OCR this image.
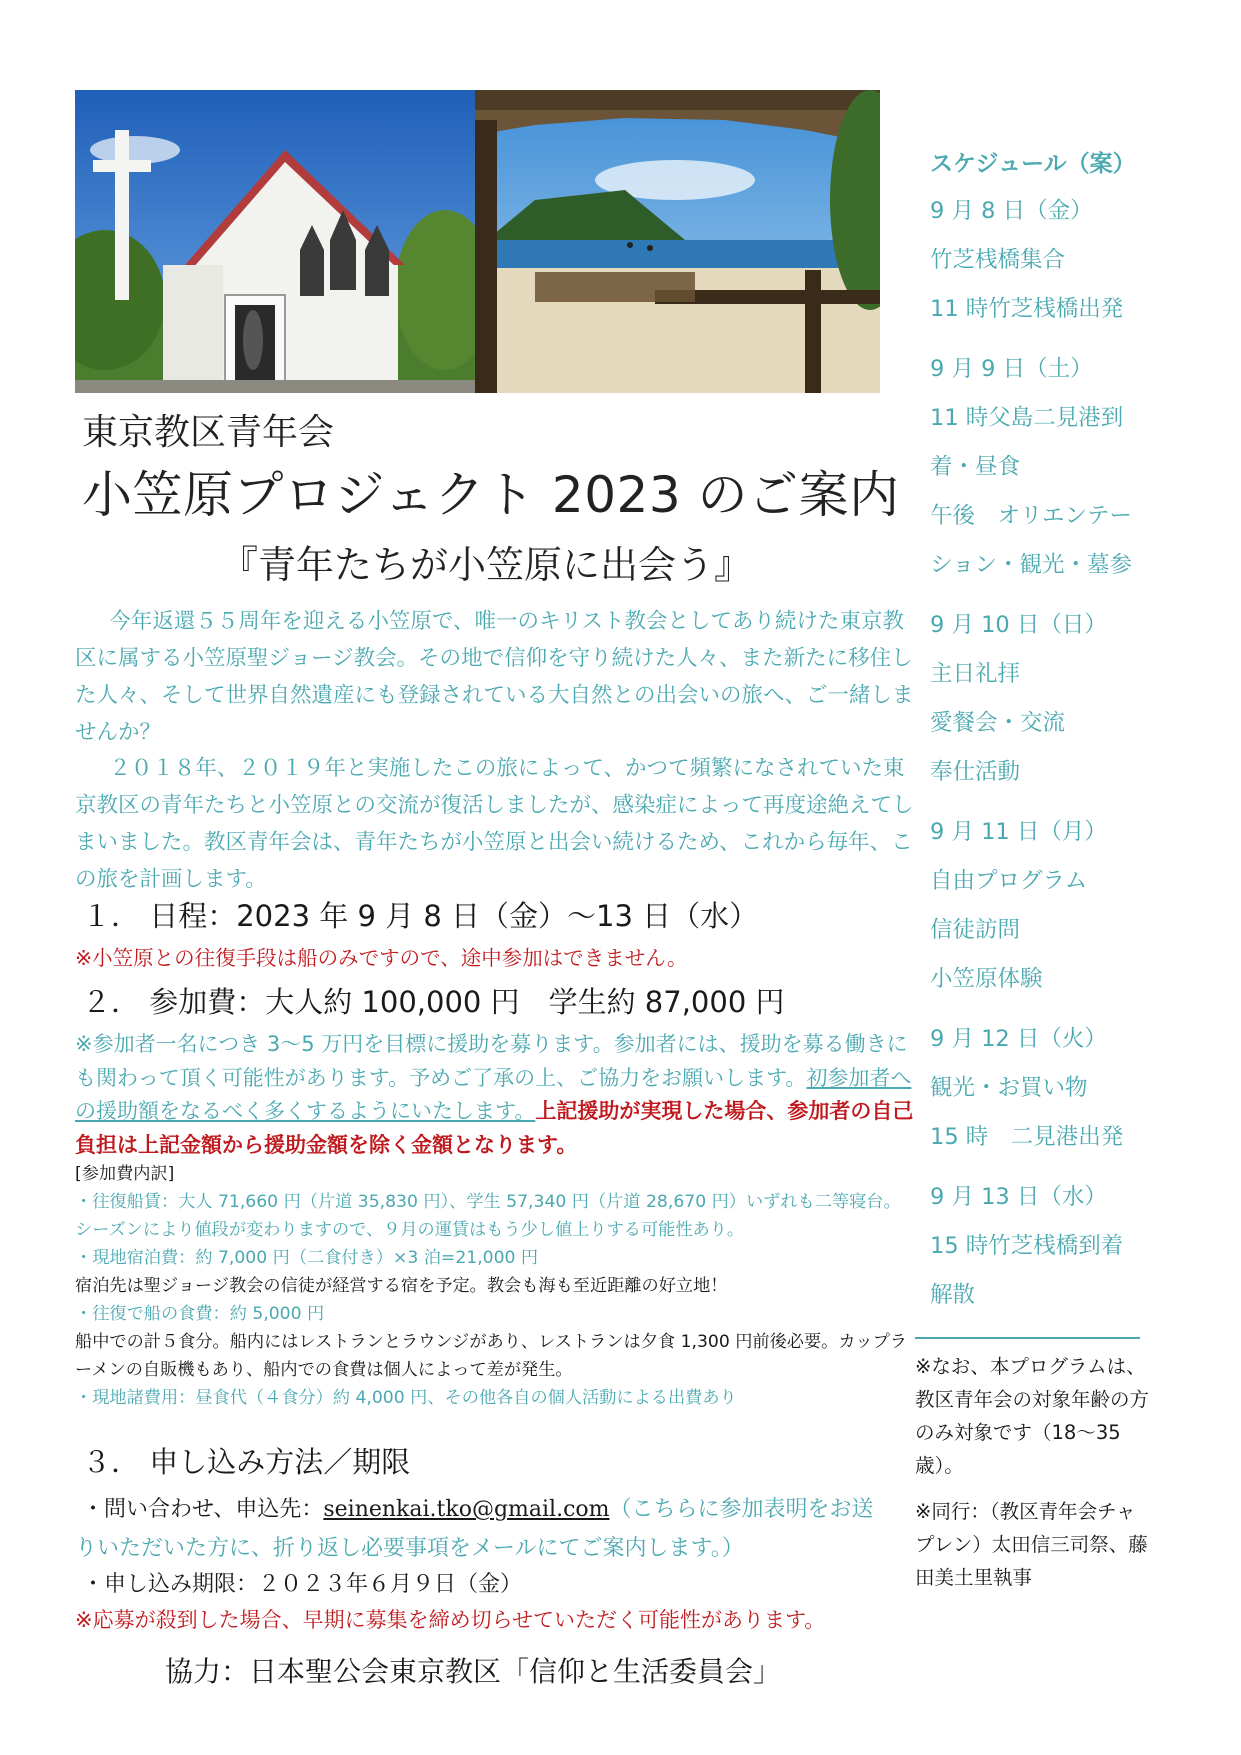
東京教区青年会
小笠原プロジェクト 2023 のご案内
『青年たちが小笠原に出会う』
今年返還５５周年を迎える小笠原で、唯一のキリスト教会としてあり続けた東京教区に属する小笠原聖ジョージ教会。その地で信仰を守り続けた人々、また新たに移住した人々、そして世界自然遺産にも登録されている大自然との出会いの旅へ、ご一緒しませんか？
２０１８年、２０１９年と実施したこの旅によって、かつて頻繁になされていた東京教区の青年たちと小笠原との交流が復活しましたが、感染症によって再度途絶えてしまいました。教区青年会は、青年たちが小笠原と出会い続けるため、これから毎年、この旅を計画します。
１． 日程：2023 年 9 月 8 日（金）～13 日（水）
※小笠原との往復手段は船のみですので、途中参加はできません。
２． 参加費：大人約 100,000 円　学生約 87,000 円
※参加者一名につき 3～5 万円を目標に援助を募ります。参加者には、援助を募る働きにも関わって頂く可能性があります。予めご了承の上、ご協力をお願いします。初参加者への援助額をなるべく多くするようにいたします。上記援助が実現した場合、参加者の自己負担は上記金額から援助金額を除く金額となります。
[参加費内訳]
・往復船賃：大人 71,660 円（片道 35,830 円）、学生 57,340 円（片道 28,670 円）いずれも二等寝台。シーズンにより値段が変わりますので、９月の運賃はもう少し値上りする可能性あり。
・現地宿泊費：約 7,000 円（二食付き）×3 泊=21,000 円
宿泊先は聖ジョージ教会の信徒が経営する宿を予定。教会も海も至近距離の好立地！
・往復で船の食費：約 5,000 円
船中での計５食分。船内にはレストランとラウンジがあり、レストランは夕食 1,300 円前後必要。カップラーメンの自販機もあり、船内での食費は個人によって差が発生。
・現地諸費用：昼食代（４食分）約 4,000 円、その他各自の個人活動による出費あり
３． 申し込み方法／期限
・問い合わせ、申込先：seinenkai.tko@gmail.com（こちらに参加表明をお送
りいただいた方に、折り返し必要事項をメールにてご案内します。）
・申し込み期限：２０２３年６月９日（金）
※応募が殺到した場合、早期に募集を締め切らせていただく可能性があります。
協力：日本聖公会東京教区「信仰と生活委員会」
スケジュール（案）
9 月 8 日（金）
竹芝桟橋集合
11 時竹芝桟橋出発
9 月 9 日（土）
11 時父島二見港到
着・昼食
午後　オリエンテー
ション・観光・墓参
9 月 10 日（日）
主日礼拝
愛餐会・交流
奉仕活動
9 月 11 日（月）
自由プログラム
信徒訪問
小笠原体験
9 月 12 日（火）
観光・お買い物
15 時　二見港出発
9 月 13 日（水）
15 時竹芝桟橋到着
解散
※なお、本プログラムは、教区青年会の対象年齢の方のみ対象です（18～35 歳）。
※同行：（教区青年会チャプレン）太田信三司祭、藤田美土里執事
